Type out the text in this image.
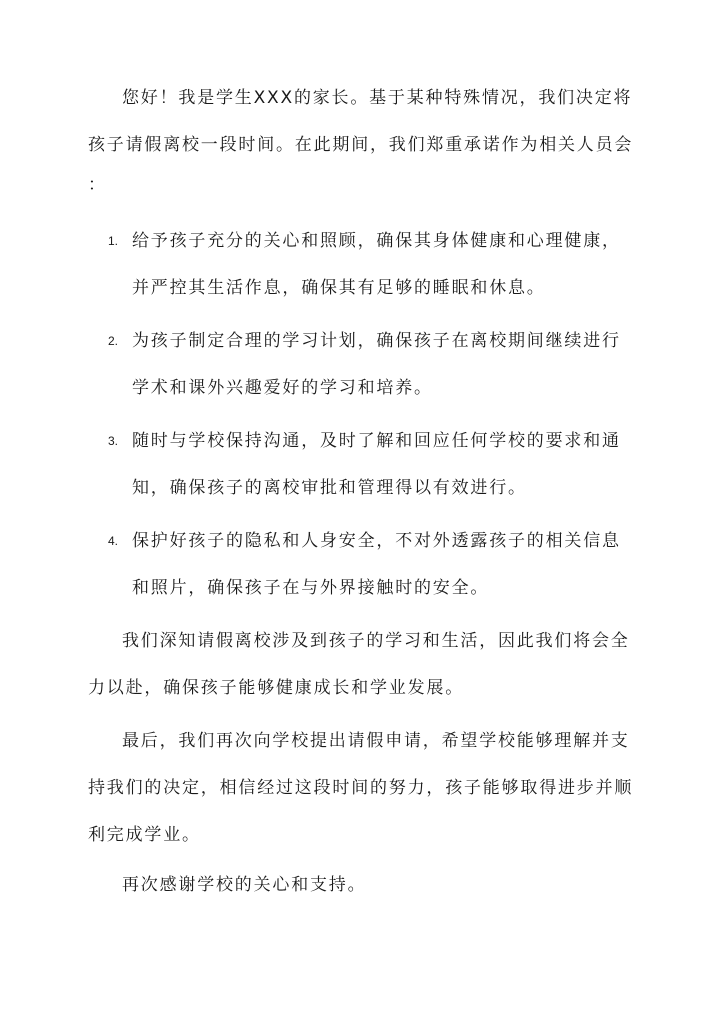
您好！我是学生XXX的家长。基于某种特殊情况，我们决定将
孩子请假离校一段时间。在此期间，我们郑重承诺作为相关人员会
：
1. 给予孩子充分的关心和照顾，确保其身体健康和心理健康，
并严控其生活作息，确保其有足够的睡眠和休息。
2. 为孩子制定合理的学习计划，确保孩子在离校期间继续进行
学术和课外兴趣爱好的学习和培养。
3. 随时与学校保持沟通，及时了解和回应任何学校的要求和通
知，确保孩子的离校审批和管理得以有效进行。
4. 保护好孩子的隐私和人身安全，不对外透露孩子的相关信息
和照片，确保孩子在与外界接触时的安全。
我们深知请假离校涉及到孩子的学习和生活，因此我们将会全
力以赴，确保孩子能够健康成长和学业发展。
最后，我们再次向学校提出请假申请，希望学校能够理解并支
持我们的决定，相信经过这段时间的努力，孩子能够取得进步并顺
利完成学业。
再次感谢学校的关心和支持。
